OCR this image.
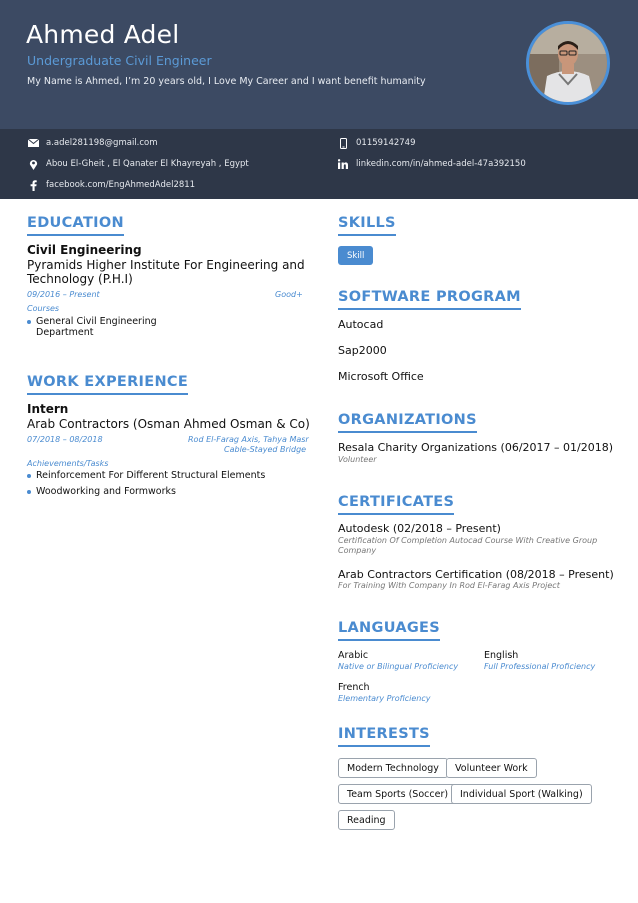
Ahmed Adel
Undergraduate Civil Engineer
My Name is Ahmed, I’m 20 years old, I Love My Career and I want benefit humanity
a.adel281198@gmail.com	01159142749
Abou El-Gheit , El Qanater El Khayreyah , Egypt	linkedin.com/in/ahmed-adel-47a392150
facebook.com/EngAhmedAdel2811
EDUCATION
Civil Engineering
Pyramids Higher Institute For Engineering and
Technology (P.H.I)
09/2016 – Present	Good+
Courses
General Civil Engineering
Department
WORK EXPERIENCE
Intern
Arab Contractors (Osman Ahmed Osman & Co)
07/2018 – 08/2018	Rod El-Farag Axis, Tahya Masr
Cable-Stayed Bridge
Achievements/Tasks
Reinforcement For Different Structural Elements
Woodworking and Formworks
SKILLS
Skill
SOFTWARE PROGRAM
Autocad
Sap2000
Microsoft Office
ORGANIZATIONS
Resala Charity Organizations (06/2017 – 01/2018)
Volunteer
CERTIFICATES
Autodesk (02/2018 – Present)
Certification Of Completion Autocad Course With Creative Group
Company
Arab Contractors Certification (08/2018 – Present)
For Training With Company In Rod El-Farag Axis Project
LANGUAGES
Arabic
Native or Bilingual Proficiency
English
Full Professional Proficiency
French
Elementary Proficiency
INTERESTS
Modern Technology	Volunteer Work
Team Sports (Soccer)	Individual Sport (Walking)
Reading
